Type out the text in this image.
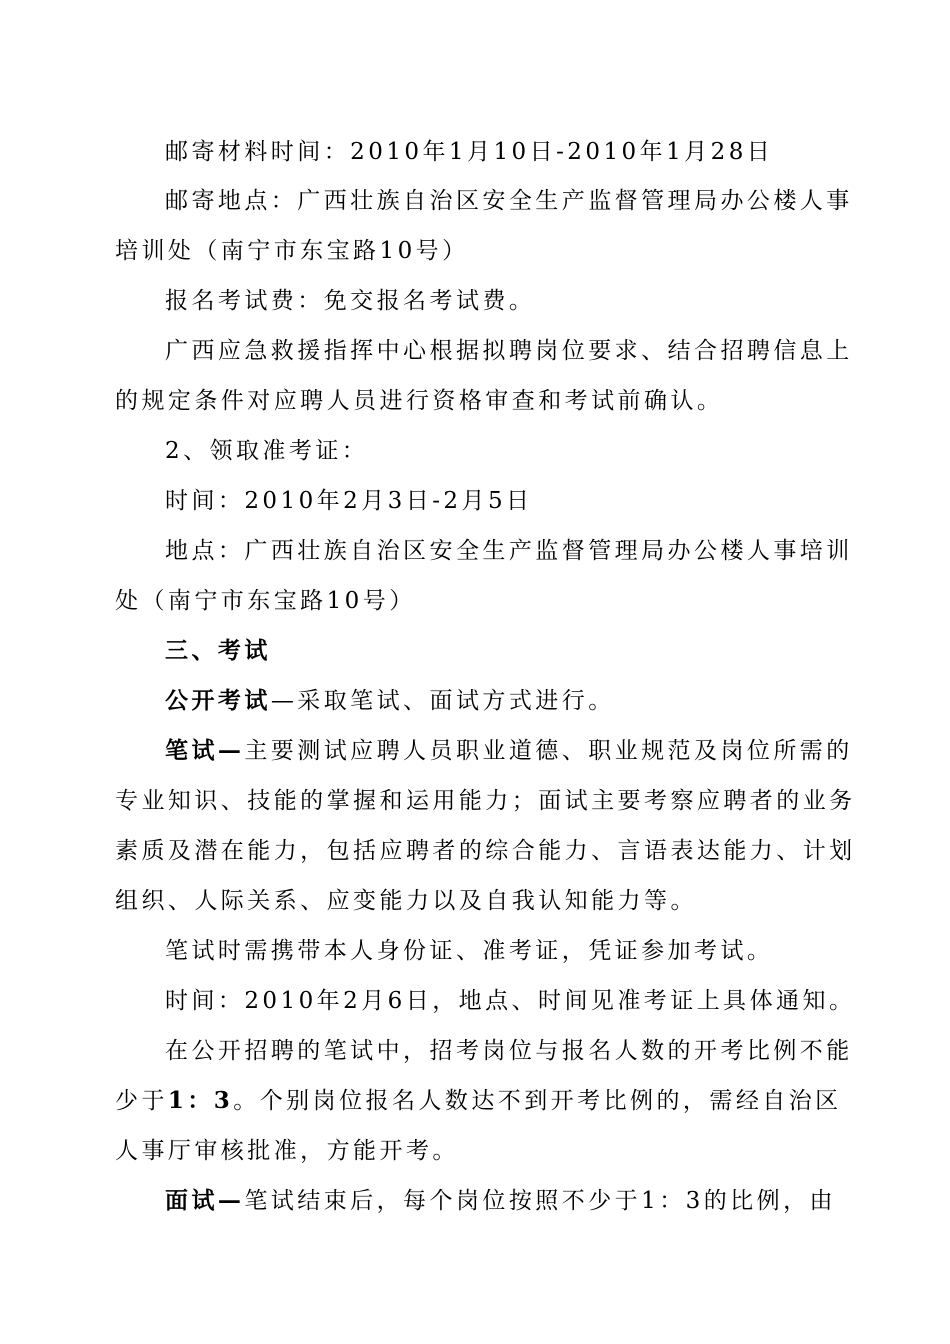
邮寄材料时间：2010年1月10日-2010年1月28日
邮寄地点：广西壮族自治区安全生产监督管理局办公楼人事
培训处（南宁市东宝路10号）
报名考试费：免交报名考试费。
广西应急救援指挥中心根据拟聘岗位要求、结合招聘信息上
的规定条件对应聘人员进行资格审查和考试前确认。
2、领取准考证：
时间：2010年2月3日-2月5日
地点：广西壮族自治区安全生产监督管理局办公楼人事培训
处（南宁市东宝路10号）
三、考试
公开考试—采取笔试、面试方式进行。
笔试—主要测试应聘人员职业道德、职业规范及岗位所需的
专业知识、技能的掌握和运用能力；面试主要考察应聘者的业务
素质及潜在能力，包括应聘者的综合能力、言语表达能力、计划
组织、人际关系、应变能力以及自我认知能力等。
笔试时需携带本人身份证、准考证，凭证参加考试。
时间：2010年2月6日，地点、时间见准考证上具体通知。
在公开招聘的笔试中，招考岗位与报名人数的开考比例不能
少于1：3。个别岗位报名人数达不到开考比例的，需经自治区
人事厅审核批准，方能开考。
面试—笔试结束后，每个岗位按照不少于1：3的比例，由
